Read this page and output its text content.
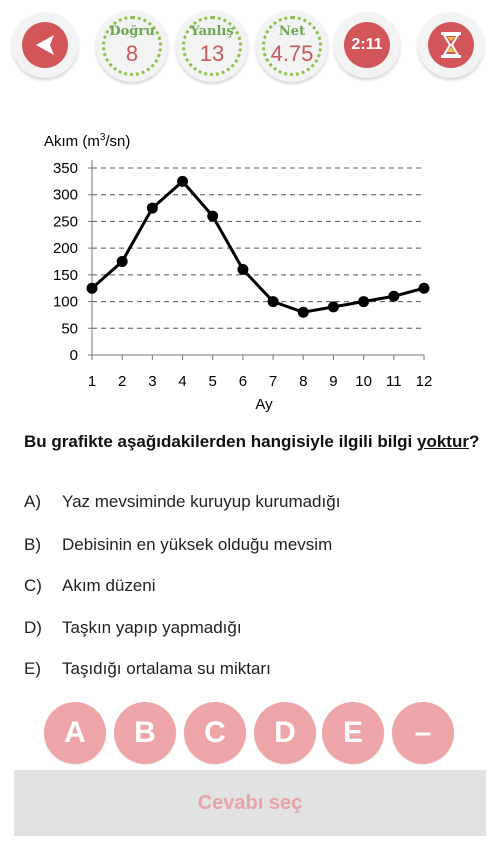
Doğru
8
Yanlış
13
Net
4.75 2:11
0
50
100
150
200
250
300
350
1 2 3 4 5 6 7 8 9 10 11 12
Akım $(m^3/sn)$
Ay
Bu grafikte aşağıdakilerden hangisiyle ilgili bilgi yoktur?
A) Yaz mevsiminde kuruyup kurumadığı
B) Debisinin en yüksek olduğu mevsim
C) Akım düzeni
D) Taşkın yapıp yapmadığı
E) Taşıdığı ortalama su miktarı
A	B	C	D	E	–
Cevabı seç
